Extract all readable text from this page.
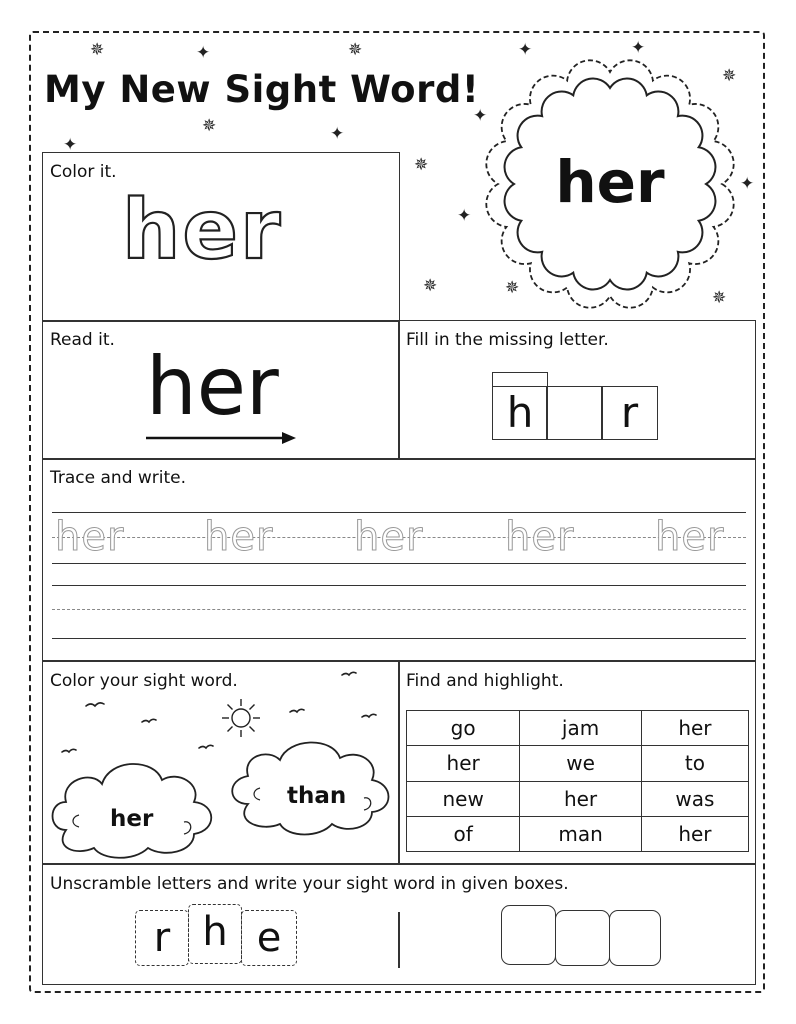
My New Sight Word!
✵	✦	✵	✦	✦
✵
✵	✦
✦
✦
✵
✦
✦
✵	✵	✵
her
Color it.
her
Read it. her	Fill in the missing letter.
h	r
Trace and write.
her her her her her
Color your sight word.
her
than
Find and highlight.
go	jam	her
her	we	to
new	her	was
of	man	her
Unscramble letters and write your sight word in given boxes.
r h e
